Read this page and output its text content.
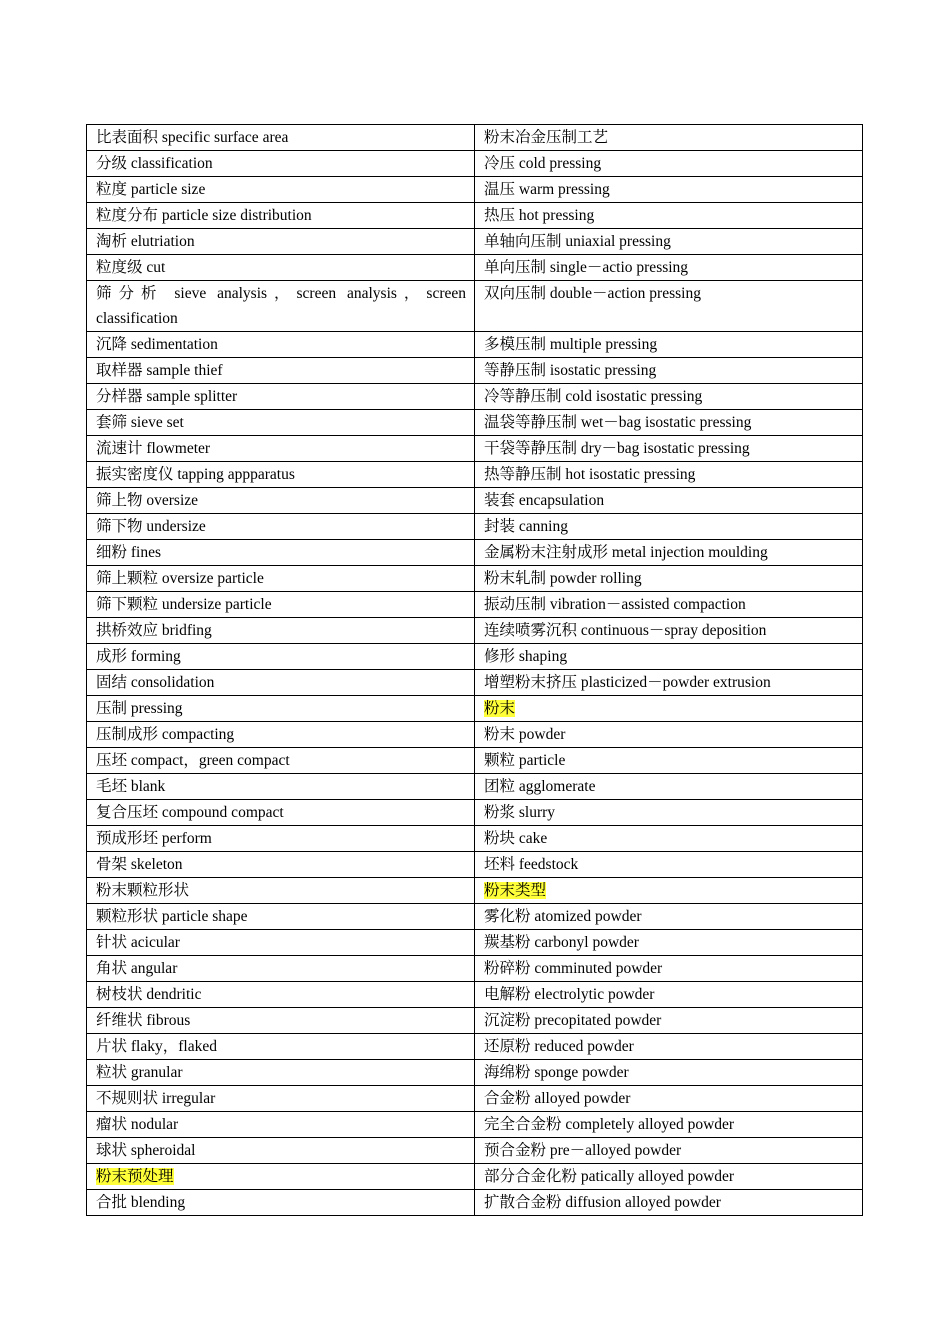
比表面积 specific surface area	粉末冶金压制工艺
分级 classification	冷压 cold pressing
粒度 particle size	温压 warm pressing
粒度分布 particle size distribution	热压 hot pressing
淘析 elutriation	单轴向压制 uniaxial pressing
粒度级 cut	单向压制 single－actio pressing
筛分析 sieve analysis，screen analysis，screen classification	双向压制 double－action pressing
沉降 sedimentation	多模压制 multiple pressing
取样器 sample thief	等静压制 isostatic pressing
分样器 sample splitter	冷等静压制 cold isostatic pressing
套筛 sieve set	温袋等静压制 wet－bag isostatic pressing
流速计 flowmeter	干袋等静压制 dry－bag isostatic pressing
振实密度仪 tapping appparatus	热等静压制 hot isostatic pressing
筛上物 oversize	装套 encapsulation
筛下物 undersize	封装 canning
细粉 fines	金属粉末注射成形 metal injection moulding
筛上颗粒 oversize particle	粉末轧制 powder rolling
筛下颗粒 undersize particle	振动压制 vibration－assisted compaction
拱桥效应 bridfing	连续喷雾沉积 continuous－spray deposition
成形 forming	修形 shaping
固结 consolidation	增塑粉末挤压 plasticized－powder extrusion
压制 pressing	粉末
压制成形 compacting	粉末 powder
压坯 compact，green compact	颗粒 particle
毛坯 blank	团粒 agglomerate
复合压坯 compound compact	粉浆 slurry
预成形坯 perform	粉块 cake
骨架 skeleton	坯料 feedstock
粉末颗粒形状	粉末类型
颗粒形状 particle shape	雾化粉 atomized powder
针状 acicular	羰基粉 carbonyl powder
角状 angular	粉碎粉 comminuted powder
树枝状 dendritic	电解粉 electrolytic powder
纤维状 fibrous	沉淀粉 precopitated powder
片状 flaky，flaked	还原粉 reduced powder
粒状 granular	海绵粉 sponge powder
不规则状 irregular	合金粉 alloyed powder
瘤状 nodular	完全合金粉 completely alloyed powder
球状 spheroidal	预合金粉 pre－alloyed powder
粉末预处理	部分合金化粉 patically alloyed powder
合批 blending	扩散合金粉 diffusion alloyed powder
